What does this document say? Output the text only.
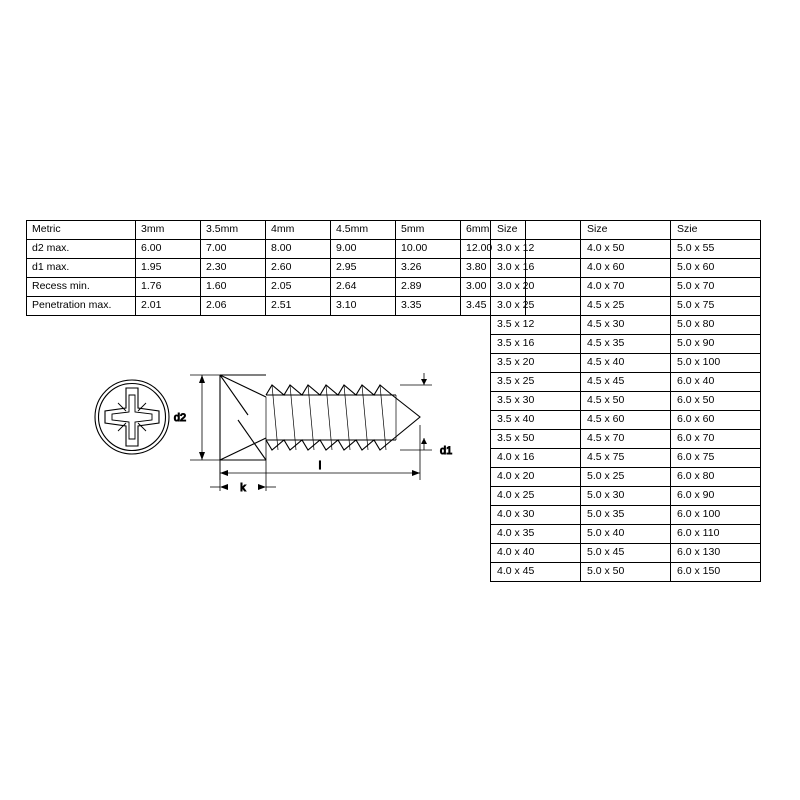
Metric	3mm	3.5mm	4mm	4.5mm	5mm	6mm
d2 max.	6.00	7.00	8.00	9.00	10.00	12.00
d1 max.	1.95	2.30	2.60	2.95	3.26	3.80
Recess min.	1.76	1.60	2.05	2.64	2.89	3.00
Penetration max.	2.01	2.06	2.51	3.10	3.35	3.45
Size	Size	Szie
3.0 x 12	4.0 x 50	5.0 x 55
3.0 x 16	4.0 x 60	5.0 x 60
3.0 x 20	4.0 x 70	5.0 x 70
3.0 x 25	4.5 x 25	5.0 x 75
3.5 x 12	4.5 x 30	5.0 x 80
3.5 x 16	4.5 x 35	5.0 x 90
3.5 x 20	4.5 x 40	5.0 x 100
3.5 x 25	4.5 x 45	6.0 x 40
3.5 x 30	4.5 x 50	6.0 x 50
3.5 x 40	4.5 x 60	6.0 x 60
3.5 x 50	4.5 x 70	6.0 x 70
4.0 x 16	4.5 x 75	6.0 x 75
4.0 x 20	5.0 x 25	6.0 x 80
4.0 x 25	5.0 x 30	6.0 x 90
4.0 x 30	5.0 x 35	6.0 x 100
4.0 x 35	5.0 x 40	6.0 x 110
4.0 x 40	5.0 x 45	6.0 x 130
4.0 x 45	5.0 x 50	6.0 x 150
d2
d1
l
k
